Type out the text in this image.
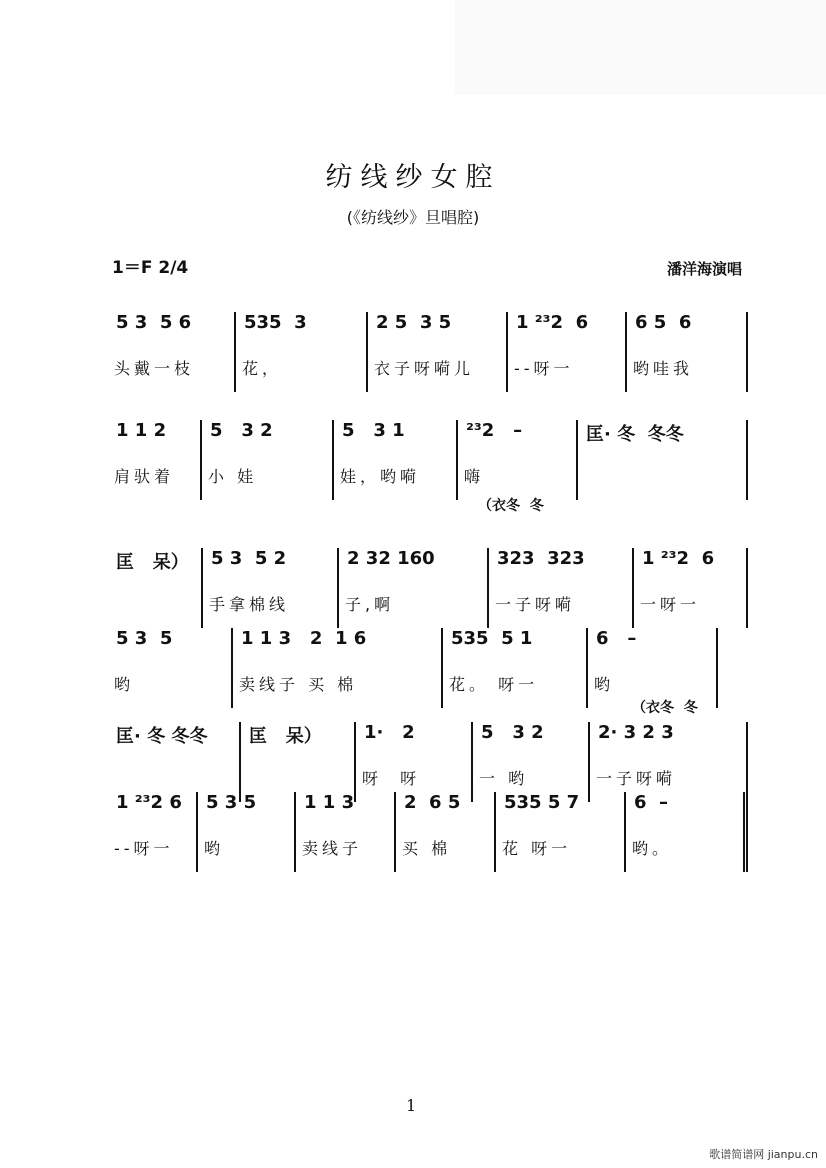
纺线纱女腔
(《纺线纱》旦唱腔)
1＝F 2/4	潘洋海演唱
5 3  5 6
头戴一枝
535  3
花，
2 5  3 5
衣子呀嗬儿
1 ²³2  6
--呀一
6 5  6
哟哇我
1 1 2
肩驮着
5   3 2
小 娃
5   3 1
娃，哟嗬
²³2   –
嗨
匡· 冬  冬冬
（衣冬  冬
匡   呆） 5 3  5 2
手拿棉线
2 32 160
子,啊
323  323
一子呀嗬
1 ²³2  6
一呀一
5 3  5
哟
1 1 3   2  1 6
卖线子 买 棉
535  5 1
花。 呀一
6   –
哟
（衣冬  冬
匡· 冬 冬冬 匡   呆） 1·   2
呀  呀
5   3 2
一 哟
2· 3 2 3
一子呀嗬
1 ²³2 6
--呀一
5 3 5
哟
1 1 3
卖线子
2  6 5
买 棉
535 5 7
花 呀一
6  –
哟。
1
歌谱简谱网 jianpu.cn
